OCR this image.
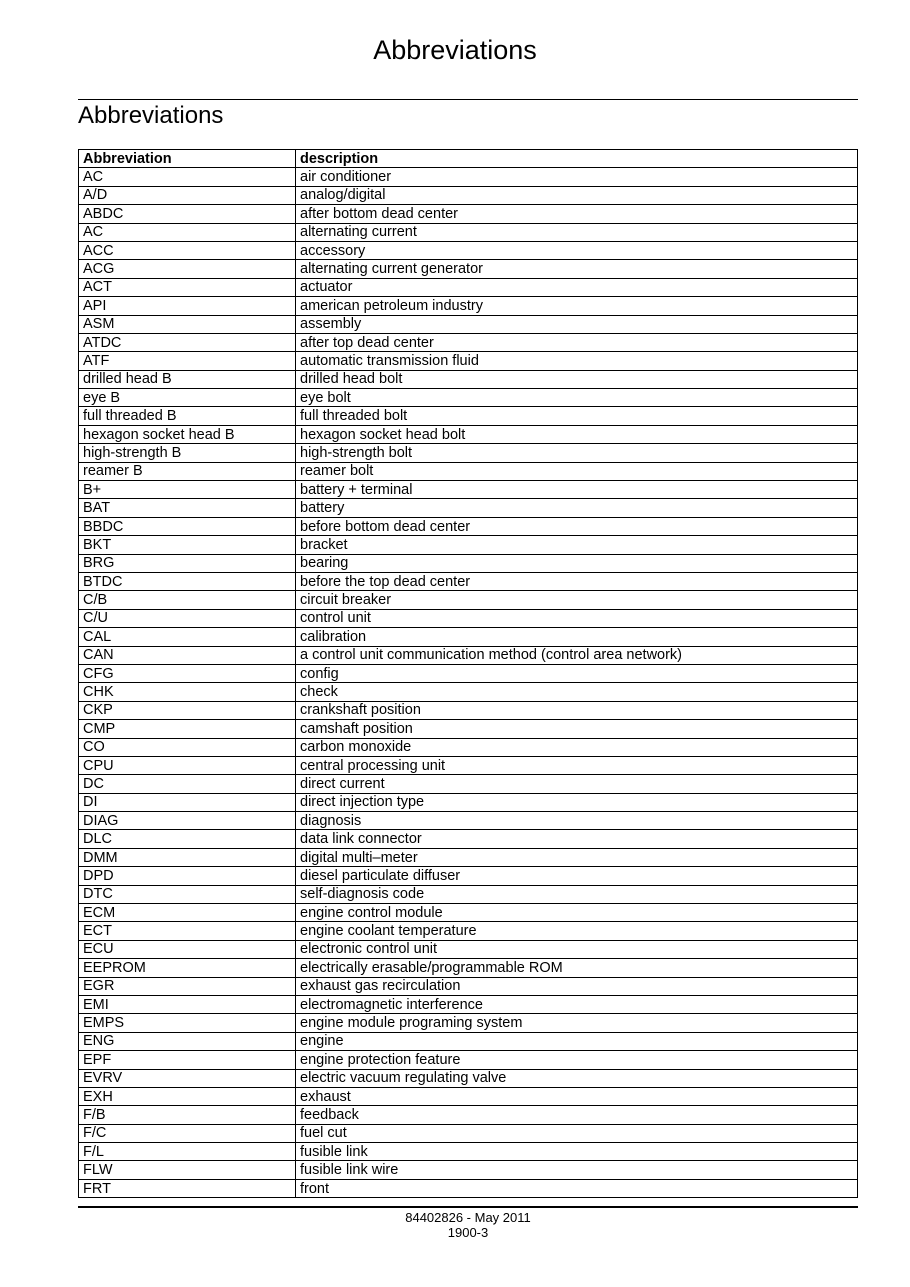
Abbreviations
Abbreviations
Abbreviation	description
AC	air conditioner
A/D	analog/digital
ABDC	after bottom dead center
AC	alternating current
ACC	accessory
ACG	alternating current generator
ACT	actuator
API	american petroleum industry
ASM	assembly
ATDC	after top dead center
ATF	automatic transmission fluid
drilled head B	drilled head bolt
eye B	eye bolt
full threaded B	full threaded bolt
hexagon socket head B	hexagon socket head bolt
high-strength B	high-strength bolt
reamer B	reamer bolt
B+	battery + terminal
BAT	battery
BBDC	before bottom dead center
BKT	bracket
BRG	bearing
BTDC	before the top dead center
C/B	circuit breaker
C/U	control unit
CAL	calibration
CAN	a control unit communication method (control area network)
CFG	config
CHK	check
CKP	crankshaft position
CMP	camshaft position
CO	carbon monoxide
CPU	central processing unit
DC	direct current
DI	direct injection type
DIAG	diagnosis
DLC	data link connector
DMM	digital multi–meter
DPD	diesel particulate diffuser
DTC	self-diagnosis code
ECM	engine control module
ECT	engine coolant temperature
ECU	electronic control unit
EEPROM	electrically erasable/programmable ROM
EGR	exhaust gas recirculation
EMI	electromagnetic interference
EMPS	engine module programing system
ENG	engine
EPF	engine protection feature
EVRV	electric vacuum regulating valve
EXH	exhaust
F/B	feedback
F/C	fuel cut
F/L	fusible link
FLW	fusible link wire
FRT	front
84402826 - May 2011
1900-3
